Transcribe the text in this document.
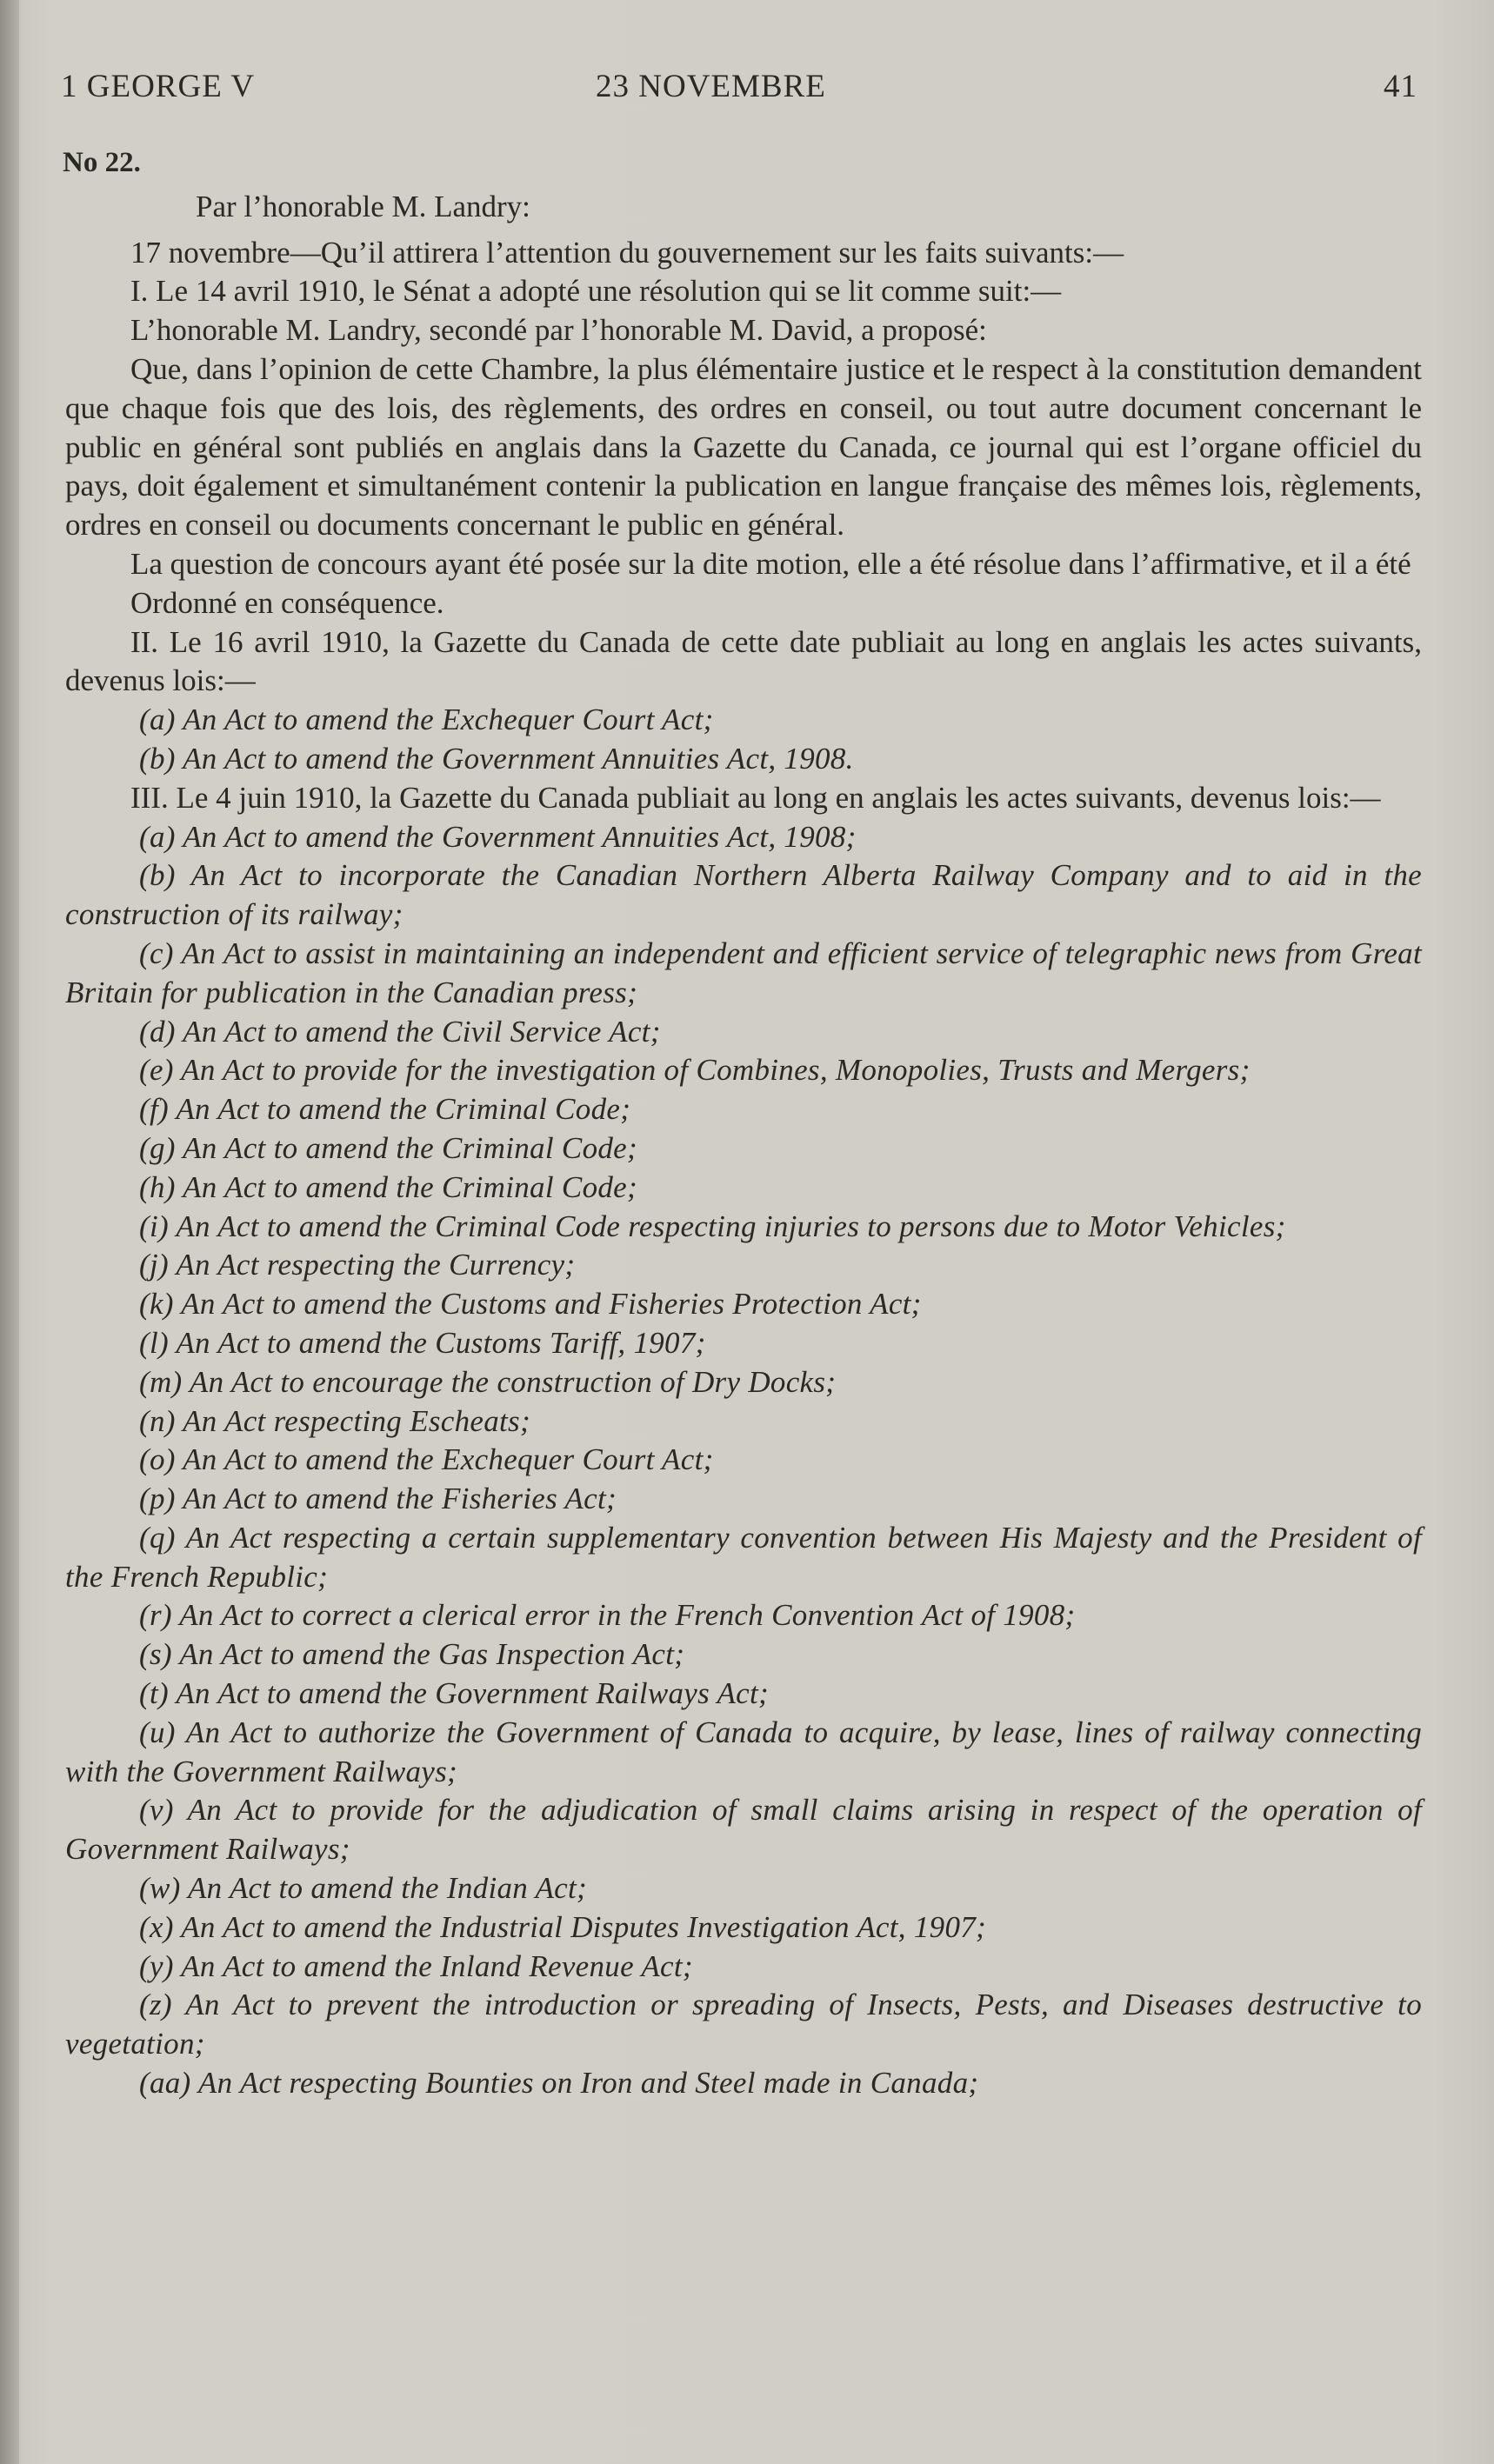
1 GEORGE V	23 NOVEMBRE	41

No 22.

Par l’honorable M. Landry:

17 novembre—Qu’il attirera l’attention du gouvernement sur les faits suivants:—

I. Le 14 avril 1910, le Sénat a adopté une résolution qui se lit comme suit:—

L’honorable M. Landry, secondé par l’honorable M. David, a proposé:

Que, dans l’opinion de cette Chambre, la plus élémentaire justice et le respect à la constitution demandent que chaque fois que des lois, des règlements, des ordres en conseil, ou tout autre document concernant le public en général sont publiés en anglais dans la Gazette du Canada, ce journal qui est l’organe officiel du pays, doit également et simultanément contenir la publication en langue française des mêmes lois, règlements, ordres en conseil ou documents concernant le public en général.

La question de concours ayant été posée sur la dite motion, elle a été résolue dans l’affirmative, et il a été

Ordonné en conséquence.

II. Le 16 avril 1910, la Gazette du Canada de cette date publiait au long en anglais les actes suivants, devenus lois:—

(a) An Act to amend the Exchequer Court Act;

(b) An Act to amend the Government Annuities Act, 1908.

III. Le 4 juin 1910, la Gazette du Canada publiait au long en anglais les actes suivants, devenus lois:—

(a) An Act to amend the Government Annuities Act, 1908;

(b) An Act to incorporate the Canadian Northern Alberta Railway Company and to aid in the construction of its railway;

(c) An Act to assist in maintaining an independent and efficient service of telegraphic news from Great Britain for publication in the Canadian press;

(d) An Act to amend the Civil Service Act;

(e) An Act to provide for the investigation of Combines, Monopolies, Trusts and Mergers;

(f) An Act to amend the Criminal Code;

(g) An Act to amend the Criminal Code;

(h) An Act to amend the Criminal Code;

(i) An Act to amend the Criminal Code respecting injuries to persons due to Motor Vehicles;

(j) An Act respecting the Currency;

(k) An Act to amend the Customs and Fisheries Protection Act;

(l) An Act to amend the Customs Tariff, 1907;

(m) An Act to encourage the construction of Dry Docks;

(n) An Act respecting Escheats;

(o) An Act to amend the Exchequer Court Act;

(p) An Act to amend the Fisheries Act;

(q) An Act respecting a certain supplementary convention between His Majesty and the President of the French Republic;

(r) An Act to correct a clerical error in the French Convention Act of 1908;

(s) An Act to amend the Gas Inspection Act;

(t) An Act to amend the Government Railways Act;

(u) An Act to authorize the Government of Canada to acquire, by lease, lines of railway connecting with the Government Railways;

(v) An Act to provide for the adjudication of small claims arising in respect of the operation of Government Railways;

(w) An Act to amend the Indian Act;

(x) An Act to amend the Industrial Disputes Investigation Act, 1907;

(y) An Act to amend the Inland Revenue Act;

(z) An Act to prevent the introduction or spreading of Insects, Pests, and Diseases destructive to vegetation;

(aa) An Act respecting Bounties on Iron and Steel made in Canada;
